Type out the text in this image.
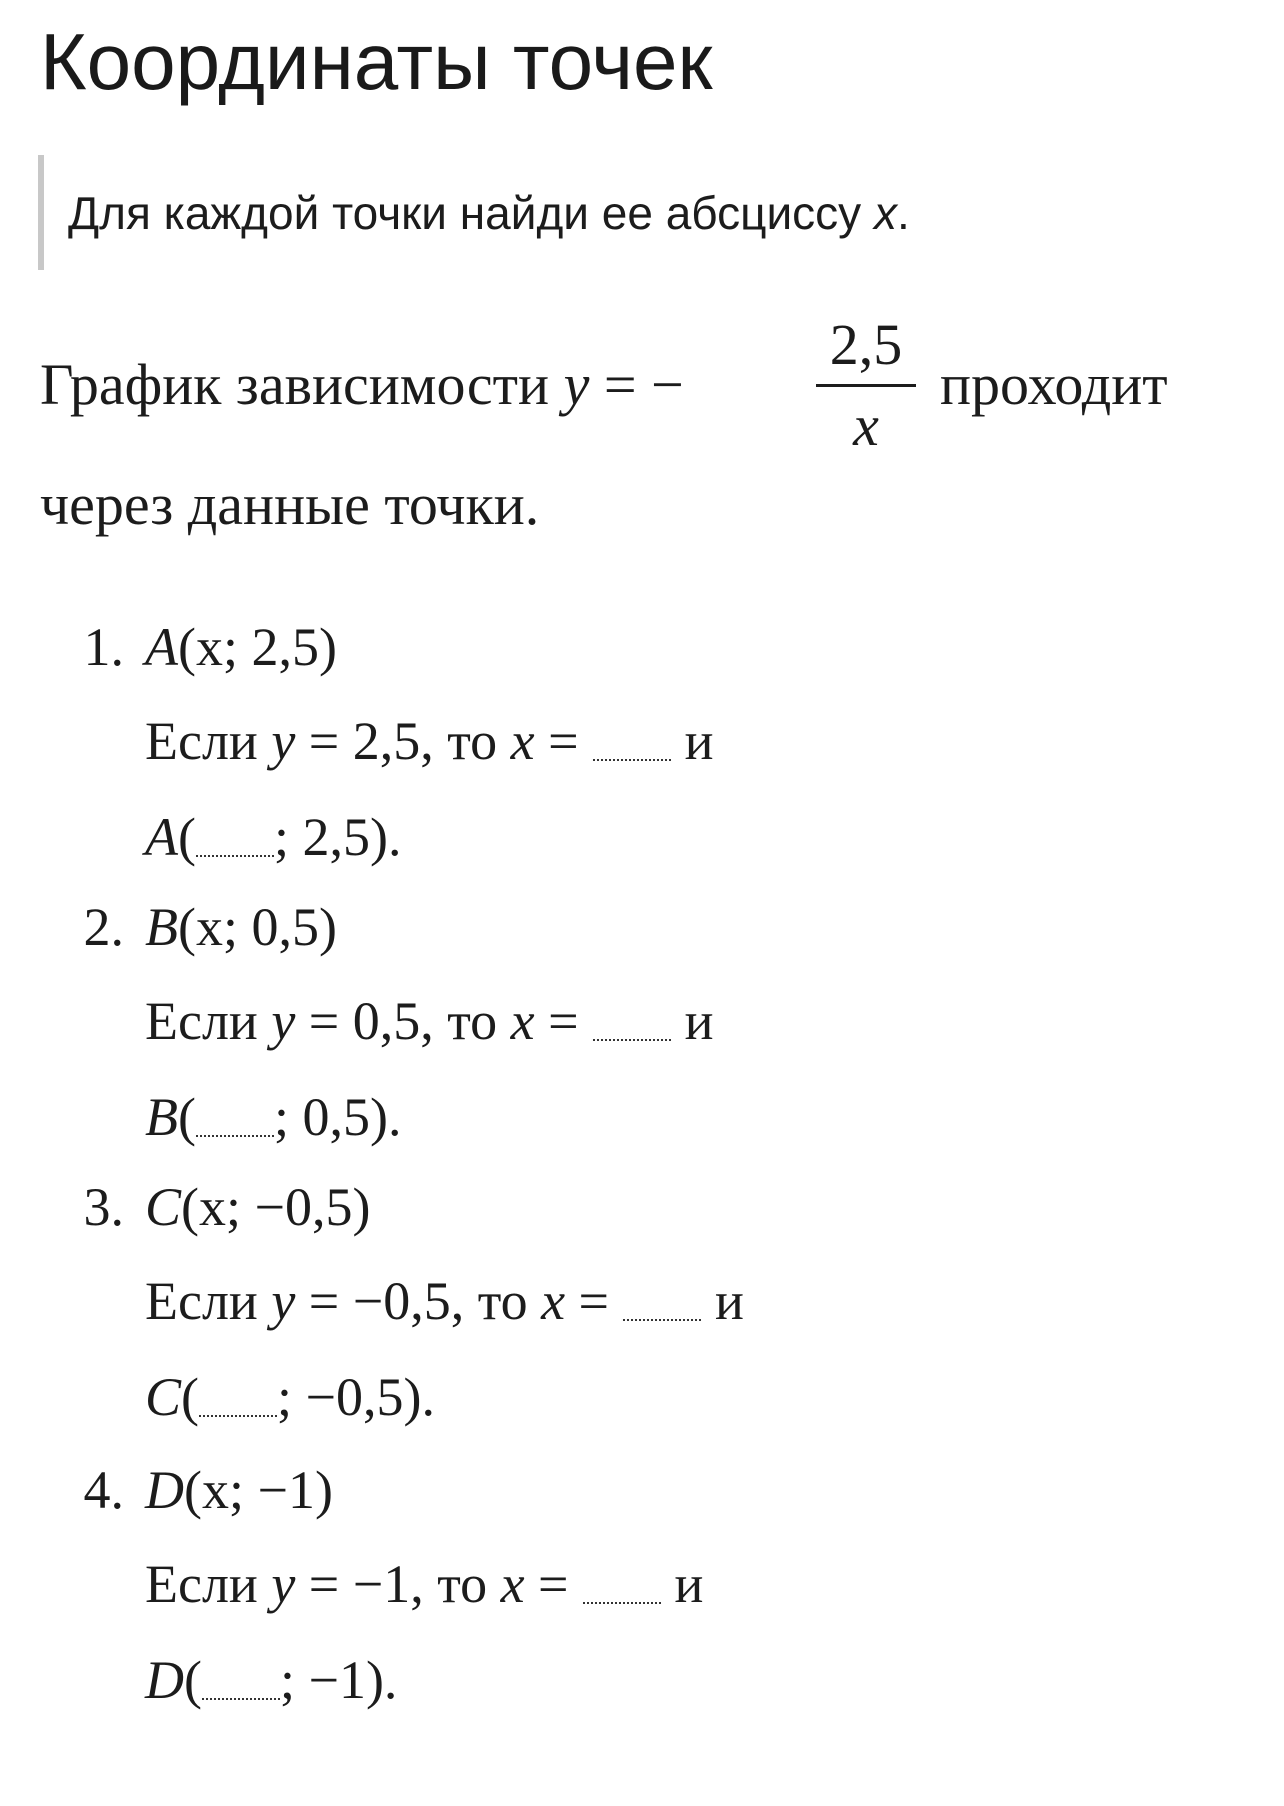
Координаты точек
Для каждой точки найди ее абсциссу x.
График зависимости y = −
2,5
x
проходит
через данные точки.
1. A(x; 2,5)
Если y = 2,5, то x = и
A( ; 2,5).
2. B(x; 0,5)
Если y = 0,5, то x = и
B( ; 0,5).
3. C(x; −0,5)
Если y = −0,5, то x = и
C( ; −0,5).
4. D(x; −1)
Если y = −1, то x = и
D( ; −1).
